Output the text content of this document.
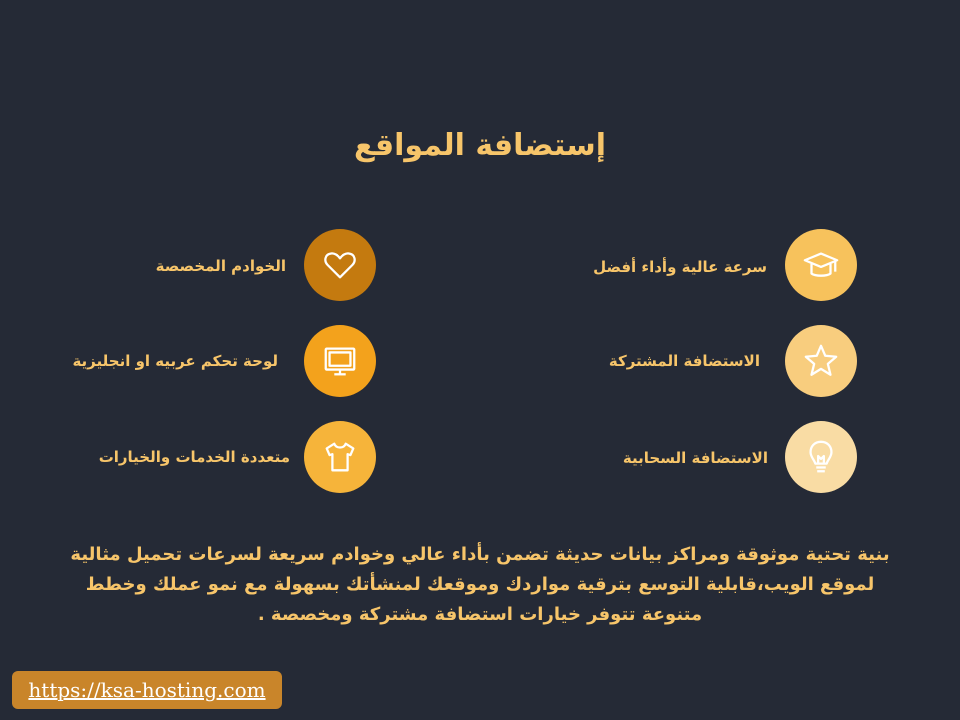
إستضافة المواقع
الخوادم المخصصة
لوحة تحكم عربيه او انجليزية
متعددة الخدمات والخيارات
سرعة عالية وأداء أفضل
الاستضافة المشتركة
الاستضافة السحابية
بنية تحتية موثوقة ومراكز بيانات حديثة تضمن بأداء عالي وخوادم سريعة لسرعات تحميل مثالية لموقع الويب،قابلية التوسع بترقية مواردك وموقعك لمنشأتك بسهولة مع نمو عملك وخطط متنوعة تتوفر خيارات استضافة مشتركة ومخصصة .
https://ksa-hosting.com
